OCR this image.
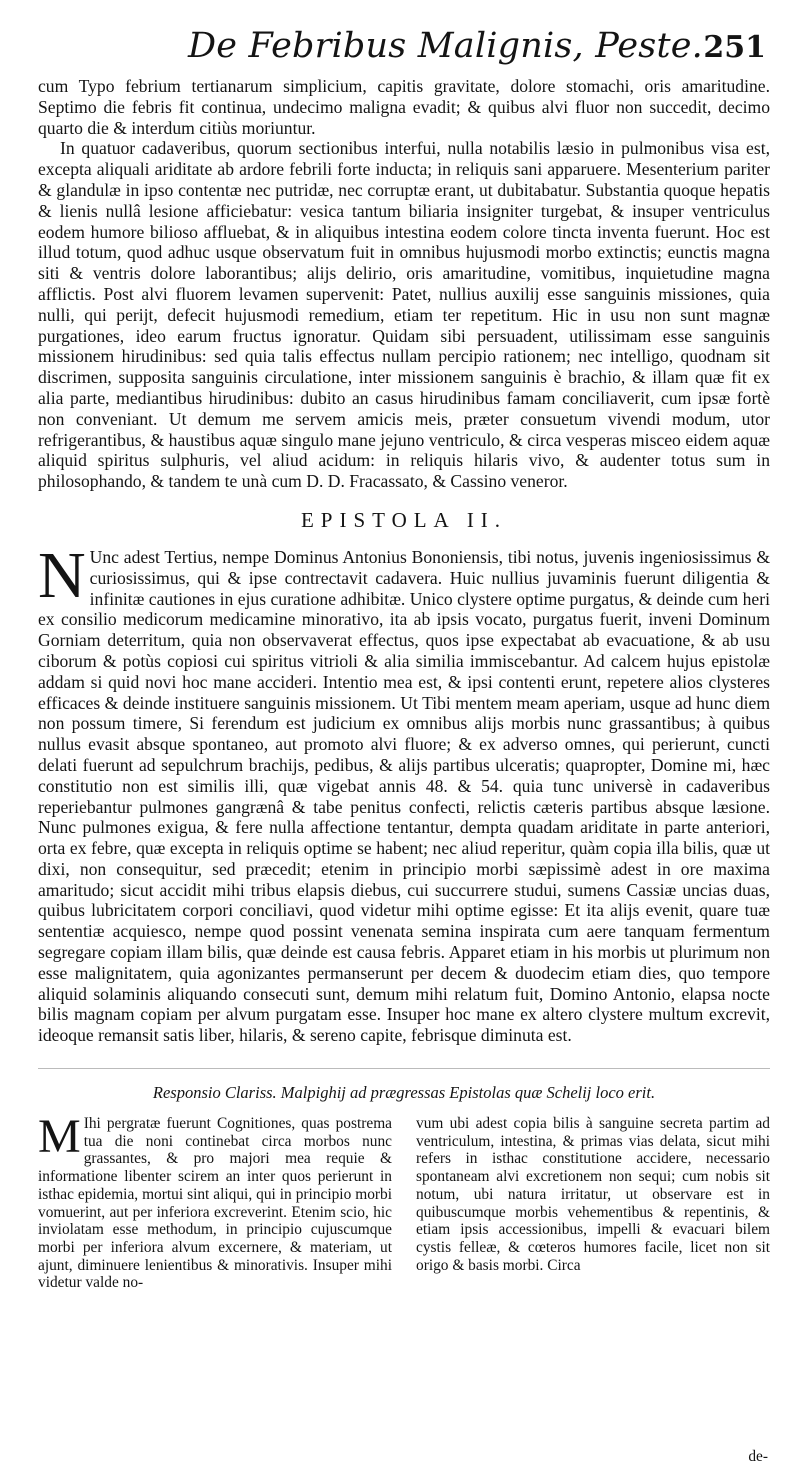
De Febribus Malignis, Peste. 251

cum Typo febrium tertianarum simplicium, capitis gravitate, dolore stomachi, oris amaritudine. Septimo die febris fit continua, undecimo maligna evadit; & quibus alvi fluor non succedit, decimo quarto die & interdum citiùs moriuntur.

In quatuor cadaveribus, quorum sectionibus interfui, nulla notabilis læsio in pulmonibus visa est, excepta aliquali ariditate ab ardore febrili forte inducta; in reliquis sani apparuere. Mesenterium pariter & glandulæ in ipso contentæ nec putridæ, nec corruptæ erant, ut dubitabatur. Substantia quoque hepatis & lienis nullâ lesione afficiebatur: vesica tantum biliaria insigniter turgebat, & insuper ventriculus eodem humore bilioso affluebat, & in aliquibus intestina eodem colore tincta inventa fuerunt. Hoc est illud totum, quod adhuc usque observatum fuit in omnibus hujusmodi morbo extinctis; eunctis magna siti & ventris dolore laborantibus; alijs delirio, oris amaritudine, vomitibus, inquietudine magna afflictis. Post alvi fluorem levamen supervenit: Patet, nullius auxilij esse sanguinis missiones, quia nulli, qui perijt, defecit hujusmodi remedium, etiam ter repetitum. Hic in usu non sunt magnæ purgationes, ideo earum fructus ignoratur. Quidam sibi persuadent, utilissimam esse sanguinis missionem hirudinibus: sed quia talis effectus nullam percipio rationem; nec intelligo, quodnam sit discrimen, supposita sanguinis circulatione, inter missionem sanguinis è brachio, & illam quæ fit ex alia parte, mediantibus hirudinibus: dubito an casus hirudinibus famam conciliaverit, cum ipsæ fortè non conveniant. Ut demum me servem amicis meis, præter consuetum vivendi modum, utor refrigerantibus, & haustibus aquæ singulo mane jejuno ventriculo, & circa vesperas misceo eidem aquæ aliquid spiritus sulphuris, vel aliud acidum: in reliquis hilaris vivo, & audenter totus sum in philosophando, & tandem te unà cum D. D. Fracassato, & Cassino veneror.

EPISTOLA II.
N Unc adest Tertius, nempe Dominus Antonius Bononiensis, tibi notus, juvenis ingeniosissimus & curiosissimus, qui & ipse contrectavit cadavera. Huic nullius juvaminis fuerunt diligentia & infinitæ cautiones in ejus curatione adhibitæ. Unico clystere optime purgatus, & deinde cum heri ex consilio medicorum medicamine minorativo, ita ab ipsis vocato, purgatus fuerit, inveni Dominum Gorniam deterritum, quia non observaverat effectus, quos ipse expectabat ab evacuatione, & ab usu ciborum & potùs copiosi cui spiritus vitrioli & alia similia immiscebantur. Ad calcem hujus epistolæ addam si quid novi hoc mane accideri. Intentio mea est, & ipsi contenti erunt, repetere alios clysteres efficaces & deinde instituere sanguinis missionem. Ut Tibi mentem meam aperiam, usque ad hunc diem non possum timere, Si ferendum est judicium ex omnibus alijs morbis nunc grassantibus; à quibus nullus evasit absque spontaneo, aut promoto alvi fluore; & ex adverso omnes, qui perierunt, cuncti delati fuerunt ad sepulchrum brachijs, pedibus, & alijs partibus ulceratis; quapropter, Domine mi, hæc constitutio non est similis illi, quæ vigebat annis 48. & 54. quia tunc universè in cadaveribus reperiebantur pulmones gangrænâ & tabe penitus confecti, relictis cæteris partibus absque læsione. Nunc pulmones exigua, & fere nulla affectione tentantur, dempta quadam ariditate in parte anteriori, orta ex febre, quæ excepta in reliquis optime se habent; nec aliud reperitur, quàm copia illa bilis, quæ ut dixi, non consequitur, sed præcedit; etenim in principio morbi sæpissimè adest in ore maxima amaritudo; sicut accidit mihi tribus elapsis diebus, cui succurrere studui, sumens Cassiæ uncias duas, quibus lubricitatem corpori conciliavi, quod videtur mihi optime egisse: Et ita alijs evenit, quare tuæ sententiæ acquiesco, nempe quod possint venenata semina inspirata cum aere tanquam fermentum segregare copiam illam bilis, quæ deinde est causa febris. Apparet etiam in his morbis ut plurimum non esse malignitatem, quia agonizantes permanserunt per decem & duodecim etiam dies, quo tempore aliquid solaminis aliquando consecuti sunt, demum mihi relatum fuit, Domino Antonio, elapsa nocte bilis magnam copiam per alvum purgatam esse. Insuper hoc mane ex altero clystere multum excrevit, ideoque remansit satis liber, hilaris, & sereno capite, febrisque diminuta est.

Responsio Clariss. Malpighij ad prægressas Epistolas quæ Schelij loco erit.
M Ihi pergratæ fuerunt Cognitiones, quas postrema tua die noni continebat circa morbos nunc grassantes, & pro majori mea requie & informatione libenter scirem an inter quos perierunt in isthac epidemia, mortui sint aliqui, qui in principio morbi vomuerint, aut per inferiora excreverint. Etenim scio, hic inviolatam esse methodum, in principio cujuscumque morbi per inferiora alvum excernere, & materiam, ut ajunt, diminuere lenientibus & minorativis. Insuper mihi videtur valde no-
vum ubi adest copia bilis à sanguine secreta partim ad ventriculum, intestina, & primas vias delata, sicut mihi refers in isthac constitutione accidere, necessario spontaneam alvi excretionem non sequi; cum nobis sit notum, ubi natura irritatur, ut observare est in quibuscumque morbis vehementibus & repentinis, & etiam ipsis accessionibus, impelli & evacuari bilem cystis felleæ, & cœteros humores facile, licet non sit origo & basis morbi. Circa
de-
